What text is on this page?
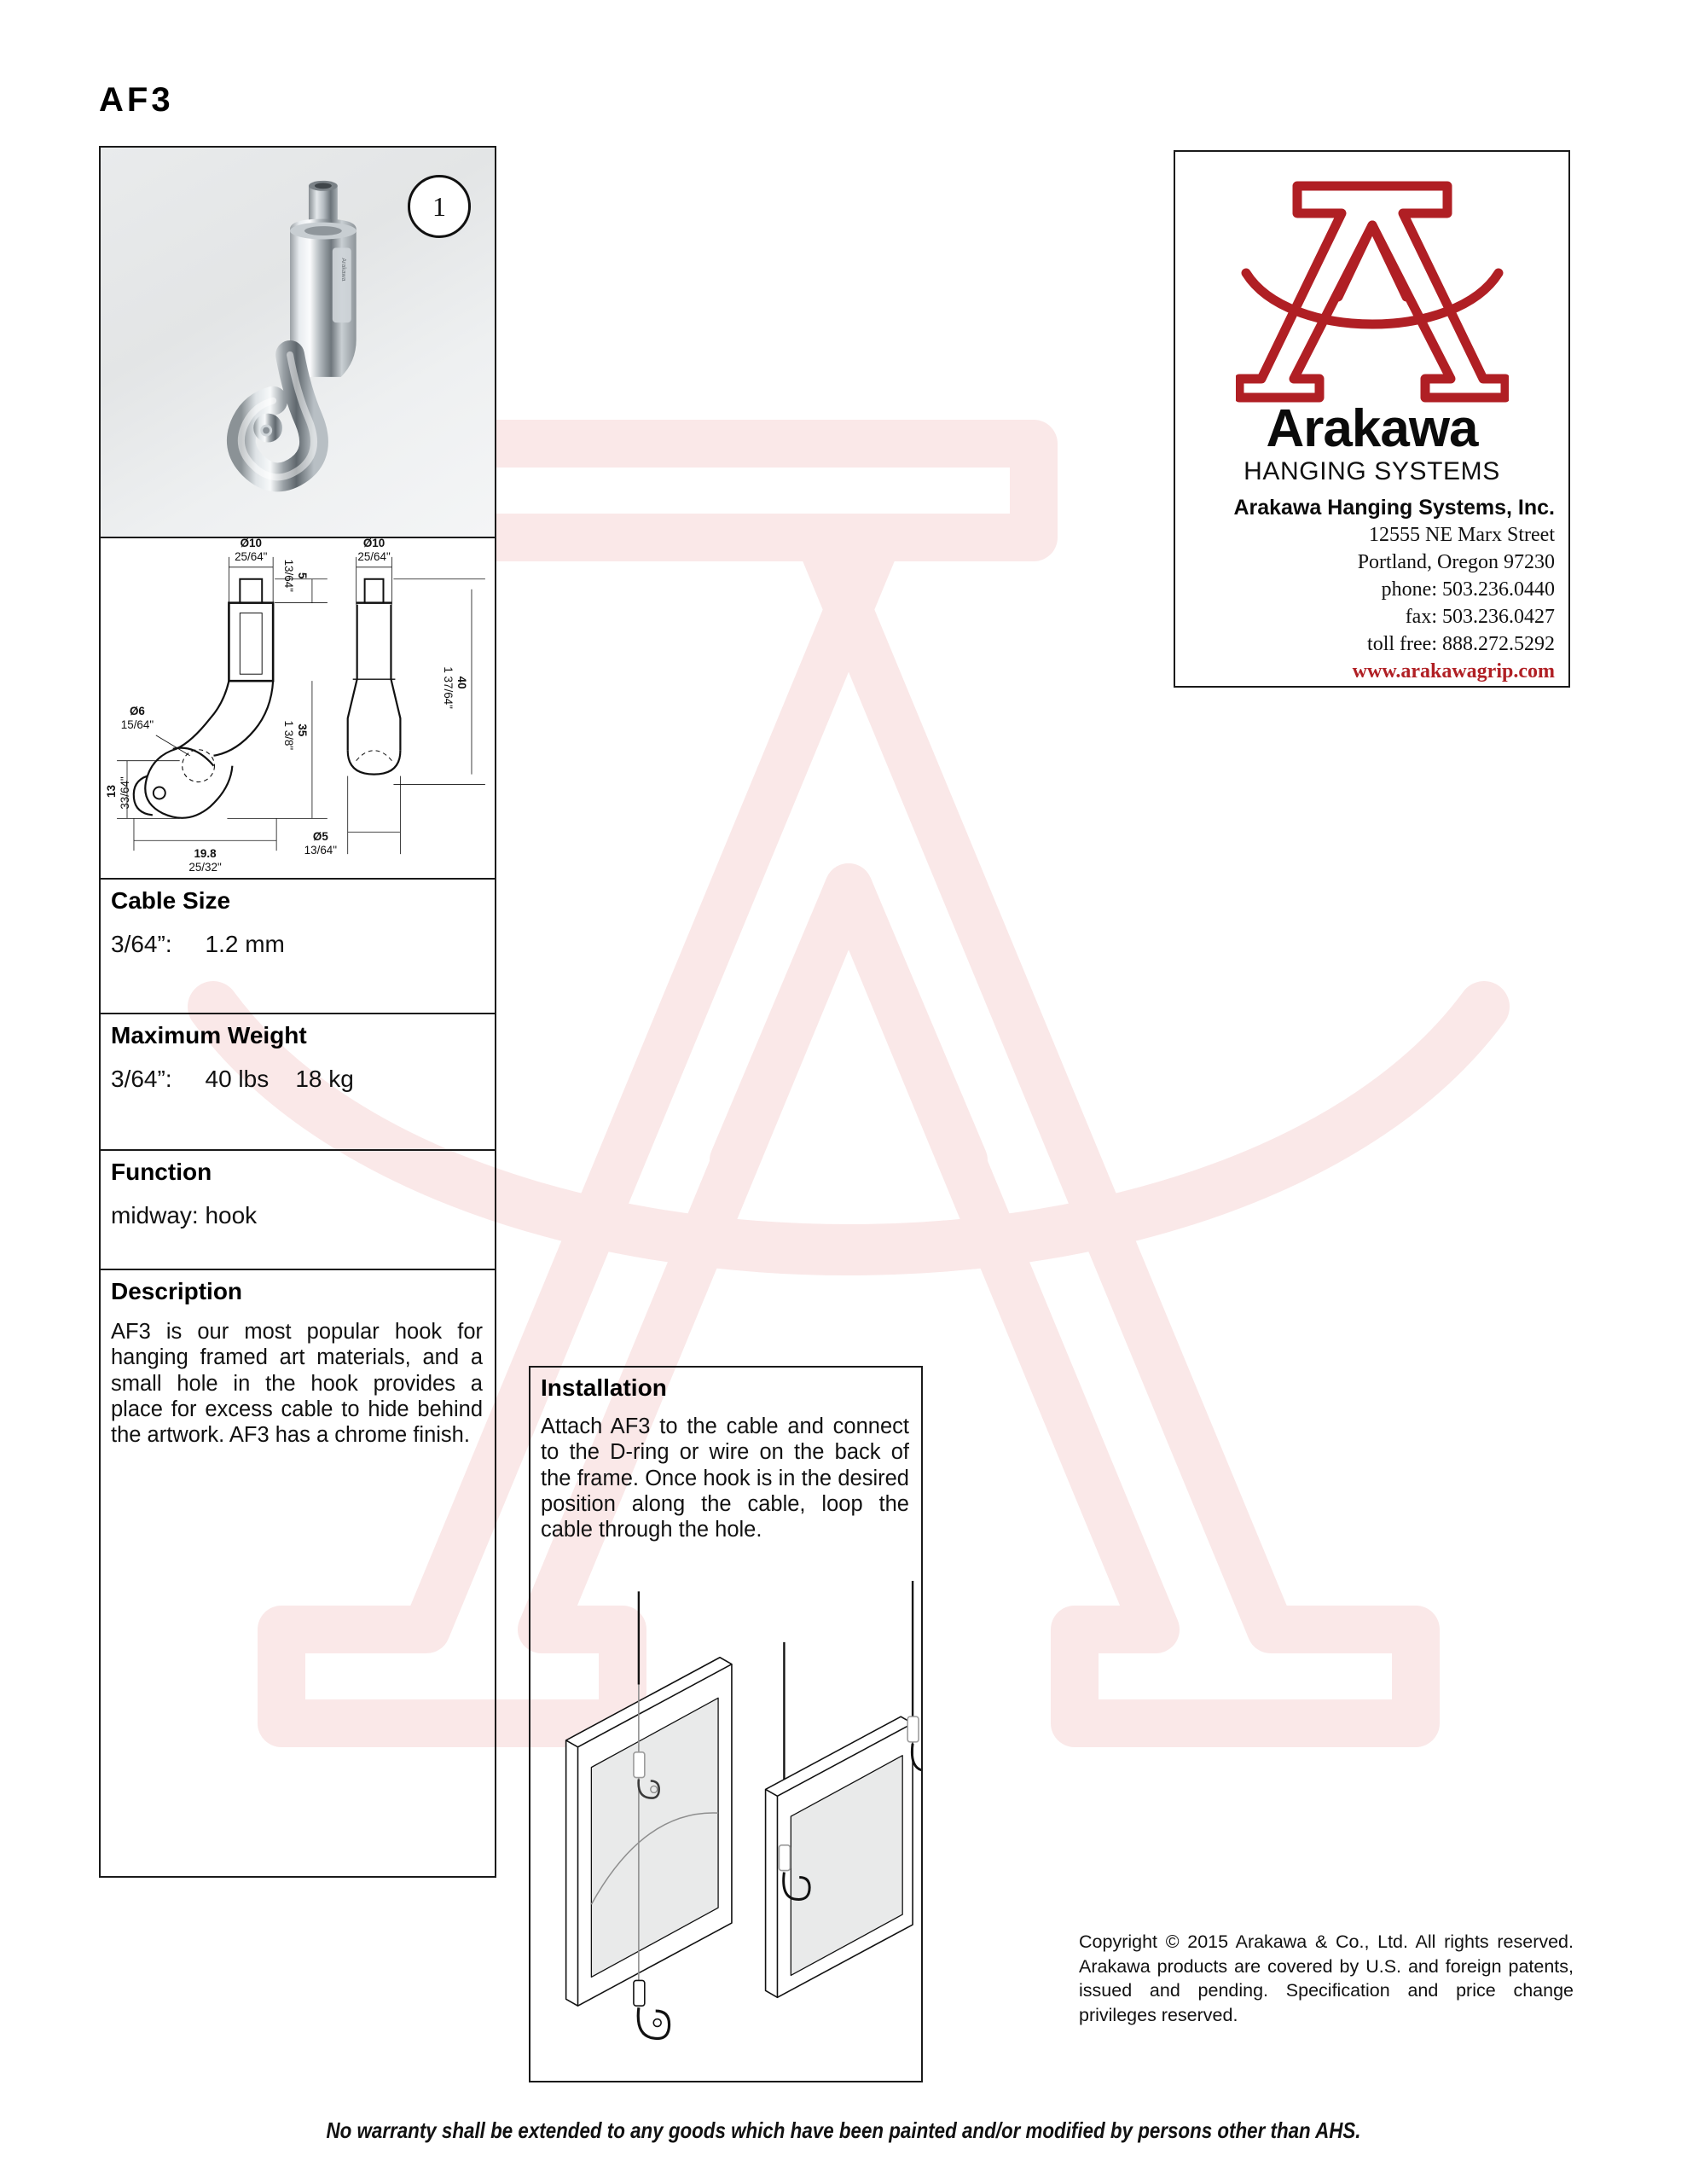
AF3
Arakawa
1
Ø10
25/64"
Ø10
25/64"
5
13/64"
35
1 3/8"
40
1 37/64"
Ø6
15/64"
13 33/64"
19.8
25/32"
Ø5
13/64"
Cable Size
3/64”:     1.2 mm
Maximum Weight
3/64”:     40 lbs    18 kg
Function
midway: hook
Description
AF3 is our most popular hook for hanging framed art materials, and a small hole in the hook provides a place for excess cable to hide behind the artwork. AF3 has a chrome finish.
Installation
Attach AF3 to the cable and connect to the D-ring or wire on the back of the frame. Once hook is in the desired position along the cable, loop the cable through the hole.
Arakawa
HANGING SYSTEMS
Arakawa Hanging Systems, Inc.
12555 NE Marx Street
Portland, Oregon 97230
phone: 503.236.0440
fax: 503.236.0427
toll free: 888.272.5292
www.arakawagrip.com
Copyright © 2015 Arakawa & Co., Ltd. All rights reserved. Arakawa products are covered by U.S. and foreign patents, issued and pending. Specification and price change privileges reserved.
No warranty shall be extended to any goods which have been painted and/or modified by persons other than AHS.
